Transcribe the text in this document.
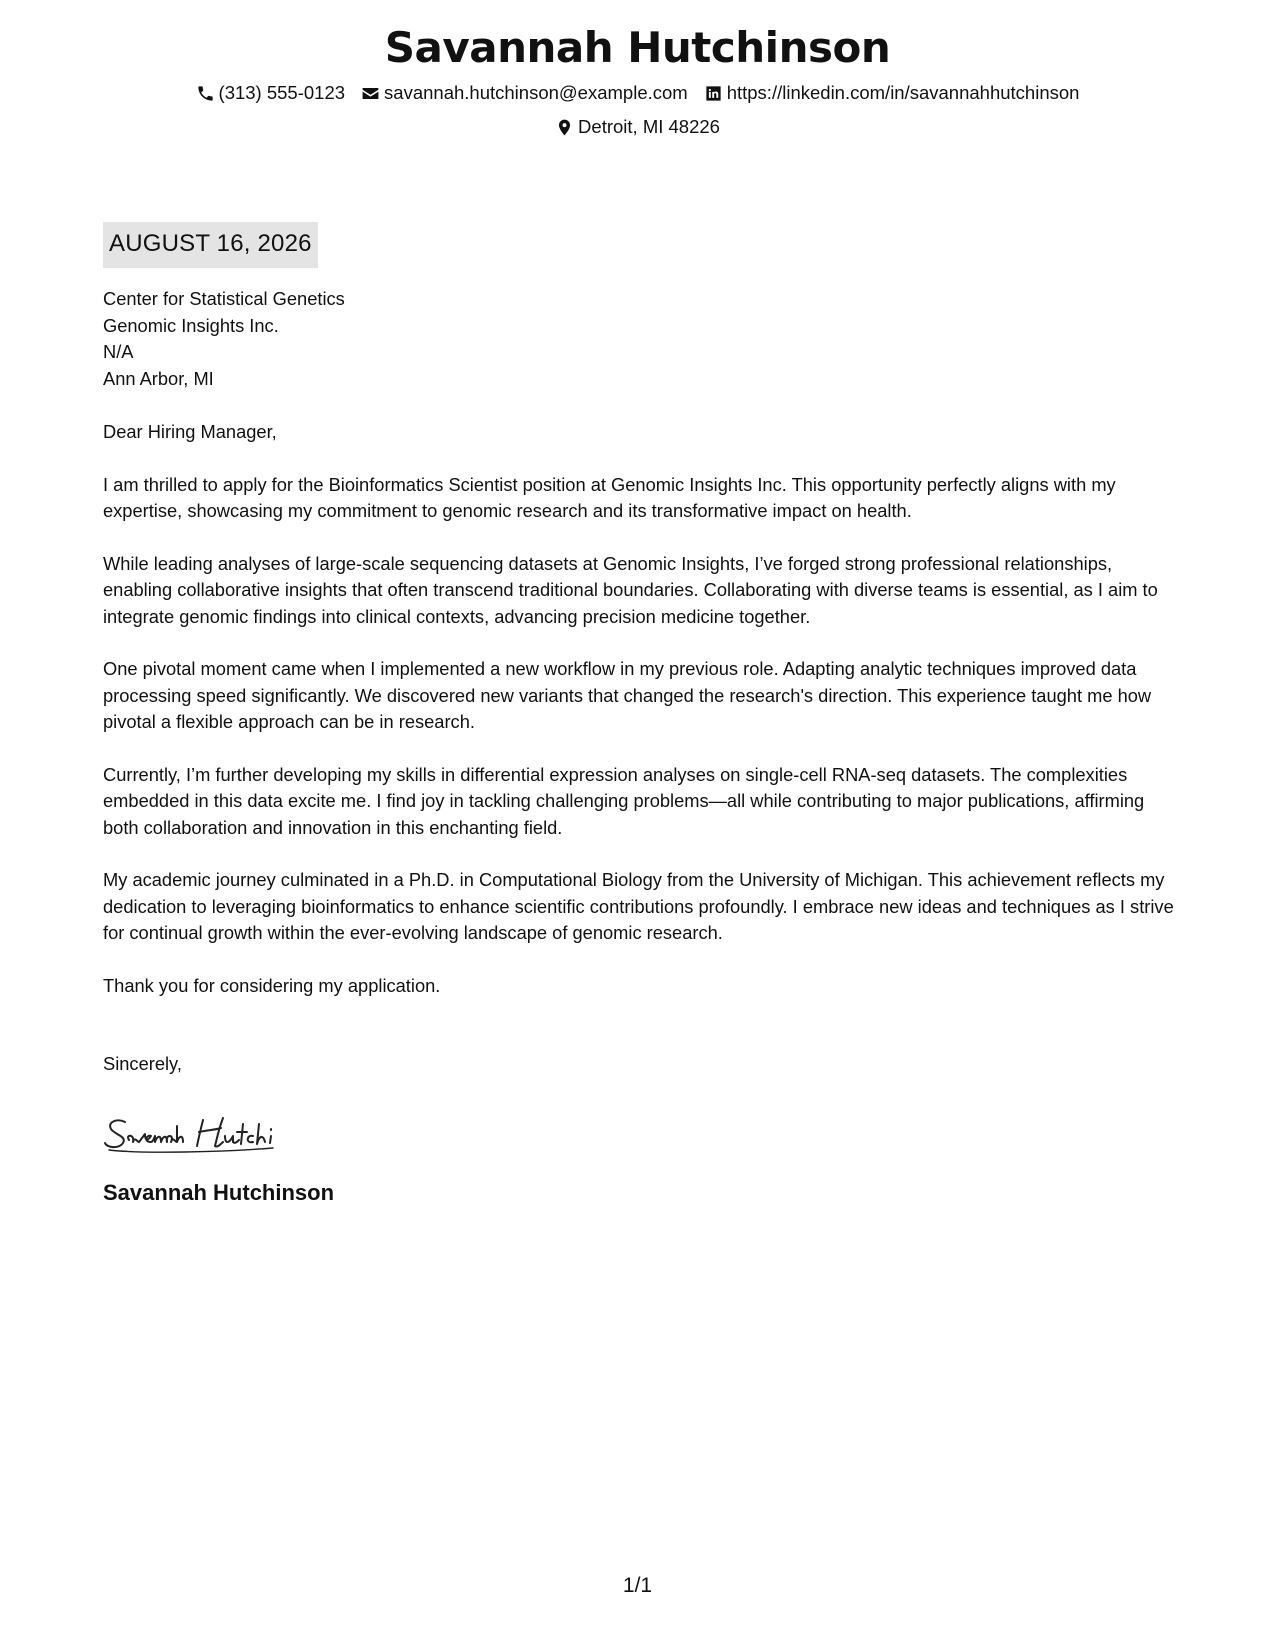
Savannah Hutchinson
(313) 555-0123 savannah.hutchinson@example.com https://linkedin.com/in/savannahhutchinson
Detroit, MI 48226
AUGUST 16, 2026
Center for Statistical Genetics
Genomic Insights Inc.
N/A
Ann Arbor, MI
Dear Hiring Manager,
I am thrilled to apply for the Bioinformatics Scientist position at Genomic Insights Inc. This opportunity perfectly aligns with my expertise, showcasing my commitment to genomic research and its transformative impact on health.
While leading analyses of large-scale sequencing datasets at Genomic Insights, I’ve forged strong professional relationships, enabling collaborative insights that often transcend traditional boundaries. Collaborating with diverse teams is essential, as I aim to integrate genomic findings into clinical contexts, advancing precision medicine together.
One pivotal moment came when I implemented a new workflow in my previous role. Adapting analytic techniques improved data processing speed significantly. We discovered new variants that changed the research's direction. This experience taught me how pivotal a flexible approach can be in research.
Currently, I’m further developing my skills in differential expression analyses on single-cell RNA-seq datasets. The complexities embedded in this data excite me. I find joy in tackling challenging problems—all while contributing to major publications, affirming both collaboration and innovation in this enchanting field.
My academic journey culminated in a Ph.D. in Computational Biology from the University of Michigan. This achievement reflects my dedication to leveraging bioinformatics to enhance scientific contributions profoundly. I embrace new ideas and techniques as I strive for continual growth within the ever-evolving landscape of genomic research.
Thank you for considering my application.
Sincerely,
Savannah Hutchinson
1/1
